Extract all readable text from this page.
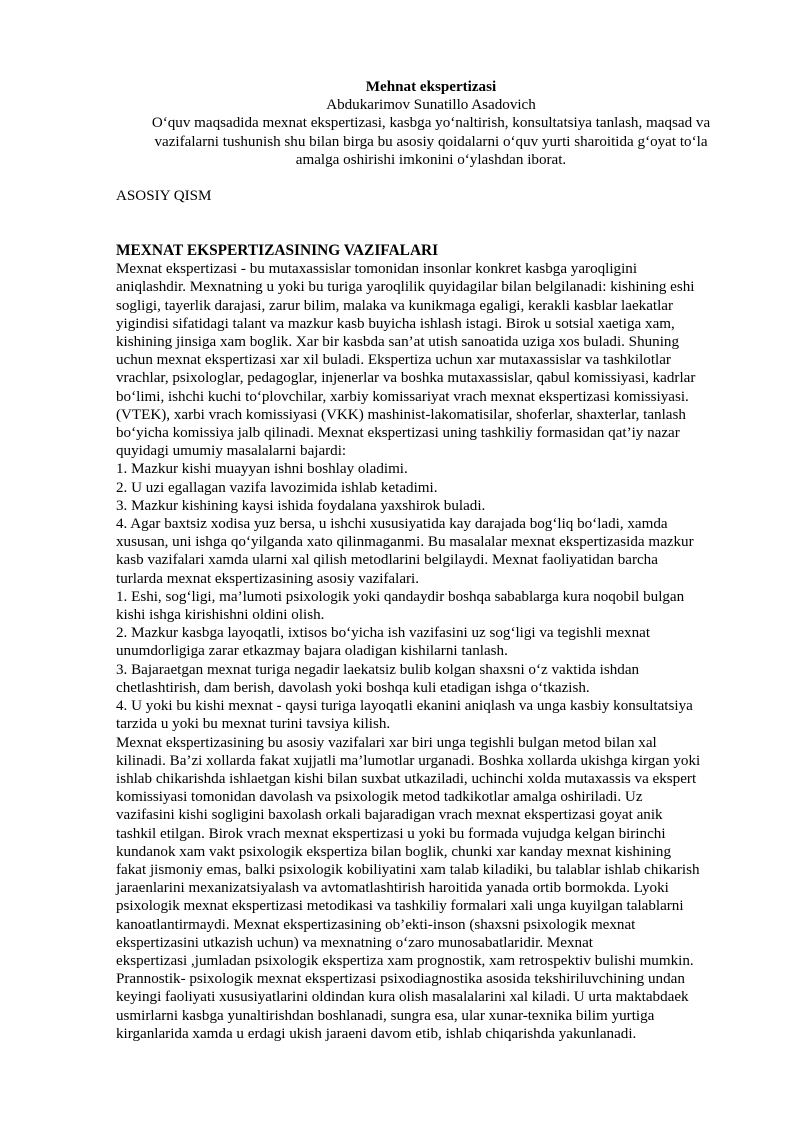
Mehnat ekspertizasi
Abdukarimov Sunatillo Asadovich
O‘quv maqsadida mexnat ekspertizasi, kasbga yo‘naltirish, konsultatsiya tanlash, maqsad va
vazifalarni tushunish shu bilan birga bu asosiy qoidalarni o‘quv yurti sharoitida g‘oyat to‘la
amalga oshirishi imkonini o‘ylashdan iborat.
ASOSIY QISM
MEXNAT EKSPERTIZASINING VAZIFALARI
Mexnat ekspertizasi - bu mutaxassislar tomonidan insonlar konkret kasbga yaroqligini
aniqlashdir. Mexnatning u yoki bu turiga yaroqlilik quyidagilar bilan belgilanadi: kishining eshi
sogligi, tayerlik darajasi, zarur bilim, malaka va kunikmaga egaligi, kerakli kasblar laekatlar
yigindisi sifatidagi talant va mazkur kasb buyicha ishlash istagi. Birok u sotsial xaetiga xam,
kishining jinsiga xam boglik. Xar bir kasbda san’at utish sanoatida uziga xos buladi. Shuning
uchun mexnat ekspertizasi xar xil buladi. Ekspertiza uchun xar mutaxassislar va tashkilotlar
vrachlar, psixologlar, pedagoglar, injenerlar va boshka mutaxassislar, qabul komissiyasi, kadrlar
bo‘limi, ishchi kuchi to‘plovchilar, xarbiy komissariyat vrach mexnat ekspertizasi komissiyasi.
(VTEK), xarbi vrach komissiyasi (VKK) mashinist-lakomatisilar, shoferlar, shaxterlar, tanlash
bo‘yicha komissiya jalb qilinadi. Mexnat ekspertizasi uning tashkiliy formasidan qat’iy nazar
quyidagi umumiy masalalarni bajardi:
1. Mazkur kishi muayyan ishni boshlay oladimi.
2. U uzi egallagan vazifa lavozimida ishlab ketadimi.
3. Mazkur kishining kaysi ishida foydalana yaxshirok buladi.
4. Agar baxtsiz xodisa yuz bersa, u ishchi xususiyatida kay darajada bog‘liq bo‘ladi, xamda
xususan, uni ishga qo‘yilganda xato qilinmaganmi. Bu masalalar mexnat ekspertizasida mazkur
kasb vazifalari xamda ularni xal qilish metodlarini belgilaydi. Mexnat faoliyatidan barcha
turlarda mexnat ekspertizasining asosiy vazifalari.
1. Eshi, sog‘ligi, ma’lumoti psixologik yoki qandaydir boshqa sabablarga kura noqobil bulgan
kishi ishga kirishishni oldini olish.
2. Mazkur kasbga layoqatli, ixtisos bo‘yicha ish vazifasini uz sog‘ligi va tegishli mexnat
unumdorligiga zarar etkazmay bajara oladigan kishilarni tanlash.
3. Bajaraetgan mexnat turiga negadir laekatsiz bulib kolgan shaxsni o‘z vaktida ishdan
chetlashtirish, dam berish, davolash yoki boshqa kuli etadigan ishga o‘tkazish.
4. U yoki bu kishi mexnat - qaysi turiga layoqatli ekanini aniqlash va unga kasbiy konsultatsiya
tarzida u yoki bu mexnat turini tavsiya kilish.
Mexnat ekspertizasining bu asosiy vazifalari xar biri unga tegishli bulgan metod bilan xal
kilinadi. Ba’zi xollarda fakat xujjatli ma’lumotlar urganadi. Boshka xollarda ukishga kirgan yoki
ishlab chikarishda ishlaetgan kishi bilan suxbat utkaziladi, uchinchi xolda mutaxassis va ekspert
komissiyasi tomonidan davolash va psixologik metod tadkikotlar amalga oshiriladi. Uz
vazifasini kishi sogligini baxolash orkali bajaradigan vrach mexnat ekspertizasi goyat anik
tashkil etilgan. Birok vrach mexnat ekspertizasi u yoki bu formada vujudga kelgan birinchi
kundanok xam vakt psixologik ekspertiza bilan boglik, chunki xar kanday mexnat kishining
fakat jismoniy emas, balki psixologik kobiliyatini xam talab kiladiki, bu talablar ishlab chikarish
jaraenlarini mexanizatsiyalash va avtomatlashtirish haroitida yanada ortib bormokda. Lyoki
psixologik mexnat ekspertizasi metodikasi va tashkiliy formalari xali unga kuyilgan talablarni
kanoatlantirmaydi. Mexnat ekspertizasining ob’ekti-inson (shaxsni psixologik mexnat
ekspertizasini utkazish uchun) va mexnatning o‘zaro munosabatlaridir. Mexnat
ekspertizasi ,jumladan psixologik ekspertiza xam prognostik, xam retrospektiv bulishi mumkin.
Prannostik- psixologik mexnat ekspertizasi psixodiagnostika asosida tekshiriluvchining undan
keyingi faoliyati xususiyatlarini oldindan kura olish masalalarini xal kiladi. U urta maktabdaek
usmirlarni kasbga yunaltirishdan boshlanadi, sungra esa, ular xunar-texnika bilim yurtiga
kirganlarida xamda u erdagi ukish jaraeni davom etib, ishlab chiqarishda yakunlanadi.
